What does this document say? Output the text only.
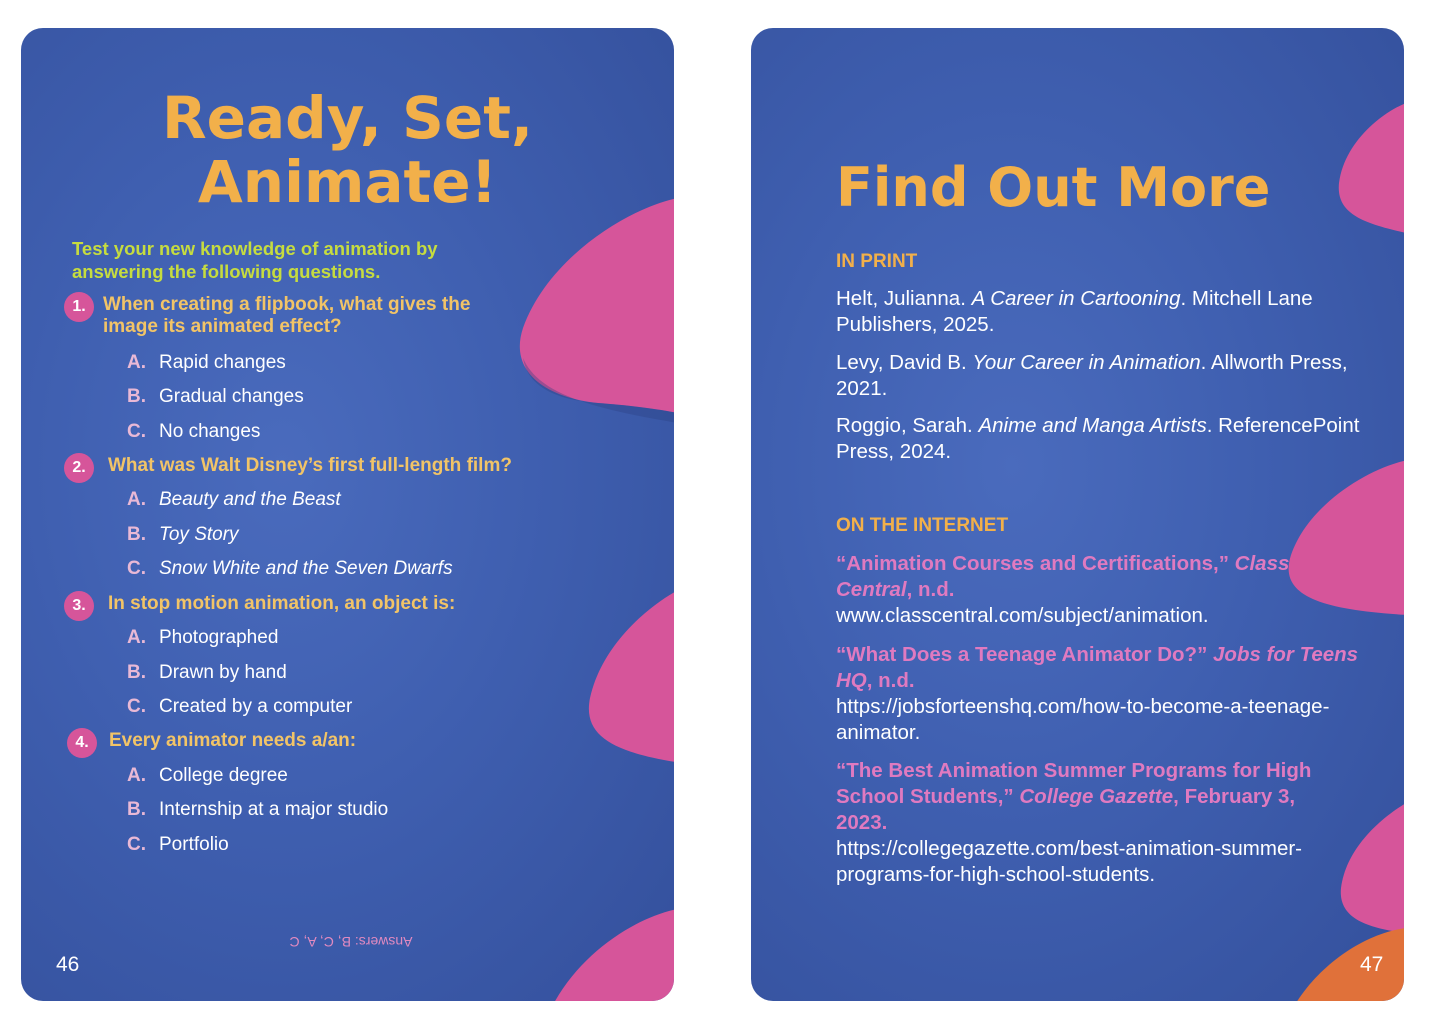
Ready, Set,
Animate!
Test your new knowledge of animation by answering the following questions.
1. When creating a flipbook, what gives the image its animated effect?
A. Rapid changes
B. Gradual changes
C. No changes
2.	What was Walt Disney’s first full-length film?
A. Beauty and the Beast
B. Toy Story
C. Snow White and the Seven Dwarfs
3.	In stop motion animation, an object is:
A. Photographed
B. Drawn by hand
C. Created by a computer
4.	Every animator needs a/an:
A. College degree
B. Internship at a major studio
C. Portfolio
Answers: B, C, A, C
46
Find Out More
IN PRINT
Helt, Julianna. A Career in Cartooning. Mitchell Lane Publishers, 2025.
Levy, David B. Your Career in Animation. Allworth Press, 2021.
Roggio, Sarah. Anime and Manga Artists. ReferencePoint Press, 2024.
ON THE INTERNET
“Animation Courses and Certifications,” Class Central, n.d.
www.classcentral.com/subject/animation.
“What Does a Teenage Animator Do?” Jobs for Teens HQ, n.d.
https://jobsforteenshq.com/how-to-become-a-teenage-animator.
“The Best Animation Summer Programs for High School Students,” College Gazette, February 3, 2023.
https://collegegazette.com/best-animation-summer-programs-for-high-school-students.
47
